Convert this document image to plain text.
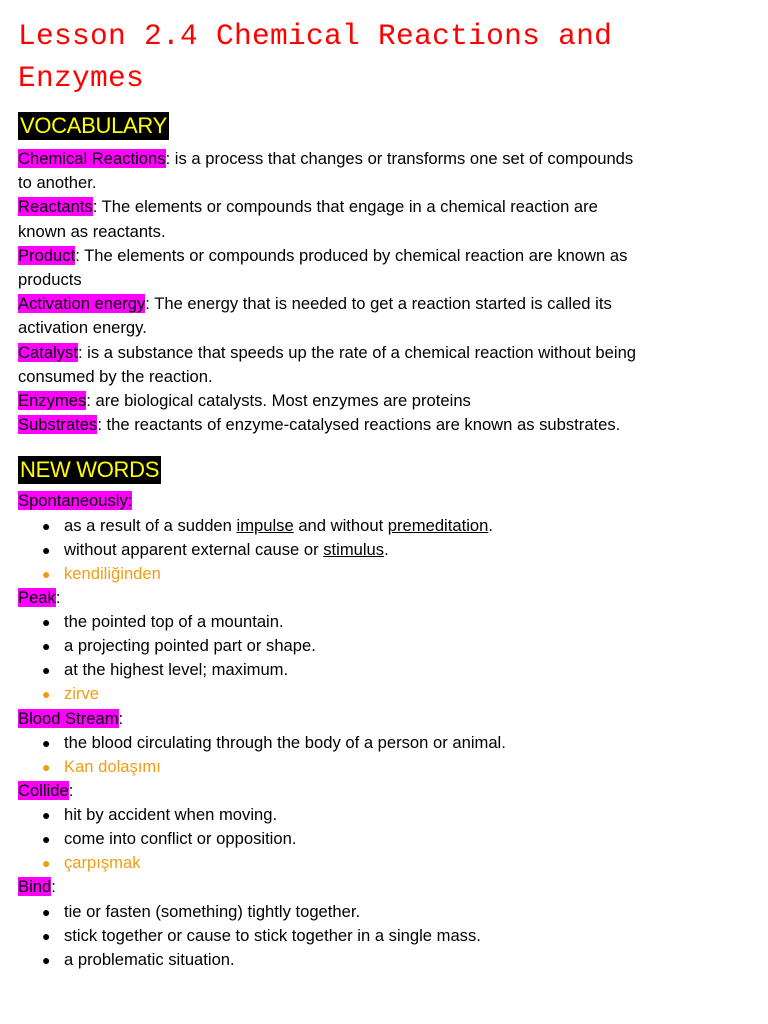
Lesson 2.4 Chemical Reactions and
Enzymes
VOCABULARY
Chemical Reactions: is a process that changes or transforms one set of compounds
to another.
Reactants: The elements or compounds that engage in a chemical reaction are
known as reactants.
Product: The elements or compounds produced by chemical reaction are known as
products
Activation energy: The energy that is needed to get a reaction started is called its
activation energy.
Catalyst: is a substance that speeds up the rate of a chemical reaction without being
consumed by the reaction.
Enzymes: are biological catalysts. Most enzymes are proteins
Substrates: the reactants of enzyme-catalysed reactions are known as substrates.
NEW WORDS
Spontaneously:
● as a result of a sudden impulse and without premeditation.
● without apparent external cause or stimulus.
● kendiliğinden
Peak:
● the pointed top of a mountain.
● a projecting pointed part or shape.
● at the highest level; maximum.
● zirve
Blood Stream:
● the blood circulating through the body of a person or animal.
● Kan dolaşımı
Collide:
● hit by accident when moving.
● come into conflict or opposition.
● çarpışmak
Bind:
● tie or fasten (something) tightly together.
● stick together or cause to stick together in a single mass.
● a problematic situation.
